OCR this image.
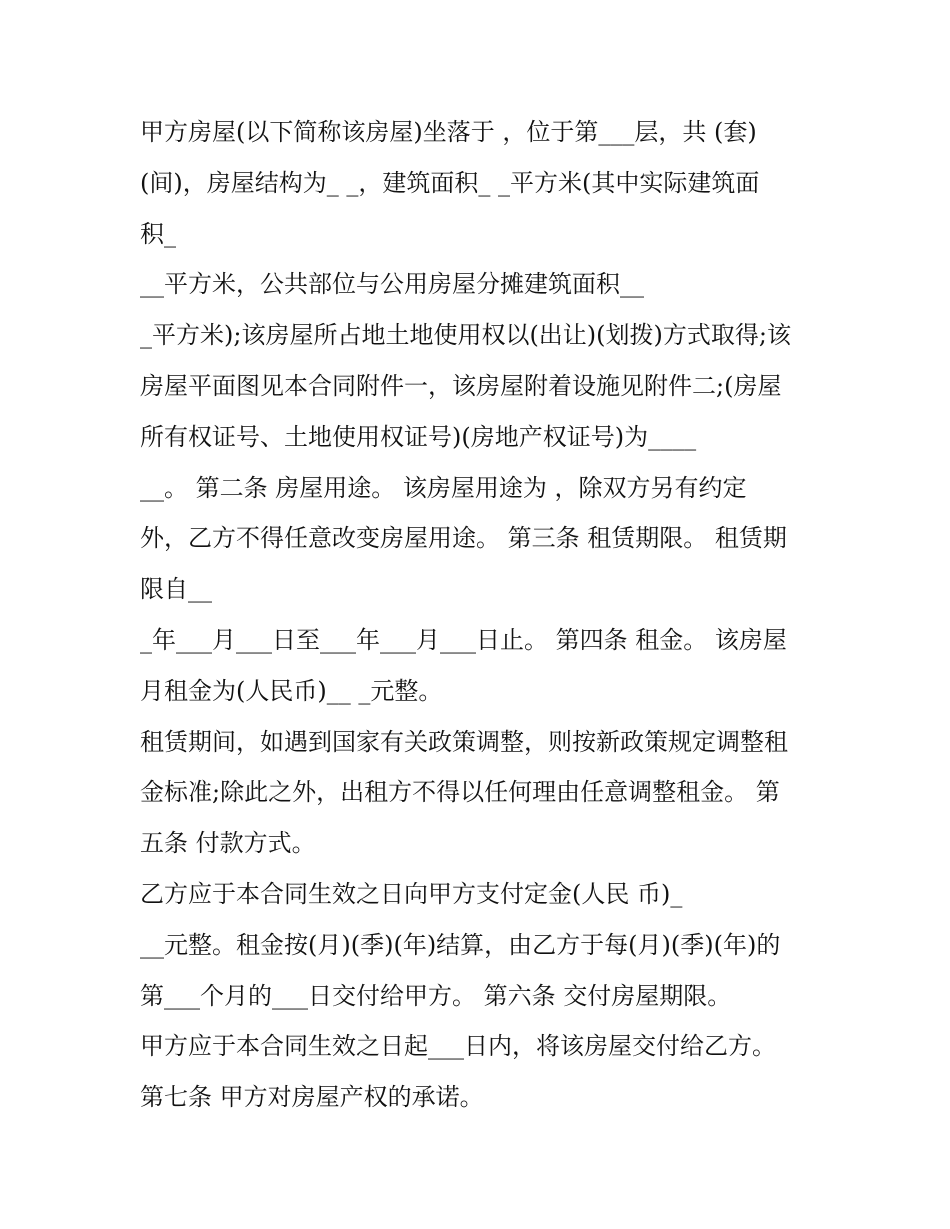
甲方房屋(以下简称该房屋)坐落于 ，位于第___层，共 (套)
(间)，房屋结构为_ _，建筑面积_ _平方米(其中实际建筑面
积_
__平方米，公共部位与公用房屋分摊建筑面积__
_平方米);该房屋所占地土地使用权以(出让)(划拨)方式取得;该
房屋平面图见本合同附件一，该房屋附着设施见附件二;(房屋
所有权证号、土地使用权证号)(房地产权证号)为____
__。 第二条 房屋用途。 该房屋用途为 ，除双方另有约定
外，乙方不得任意改变房屋用途。 第三条 租赁期限。 租赁期
限自__
_年___月___日至___年___月___日止。 第四条 租金。 该房屋
月租金为(人民币)__ _元整。
租赁期间，如遇到国家有关政策调整，则按新政策规定调整租
金标准;除此之外，出租方不得以任何理由任意调整租金。 第
五条 付款方式。
乙方应于本合同生效之日向甲方支付定金(人民 币)_
__元整。租金按(月)(季)(年)结算，由乙方于每(月)(季)(年)的
第___个月的___日交付给甲方。 第六条 交付房屋期限。
甲方应于本合同生效之日起___日内，将该房屋交付给乙方。
第七条 甲方对房屋产权的承诺。
